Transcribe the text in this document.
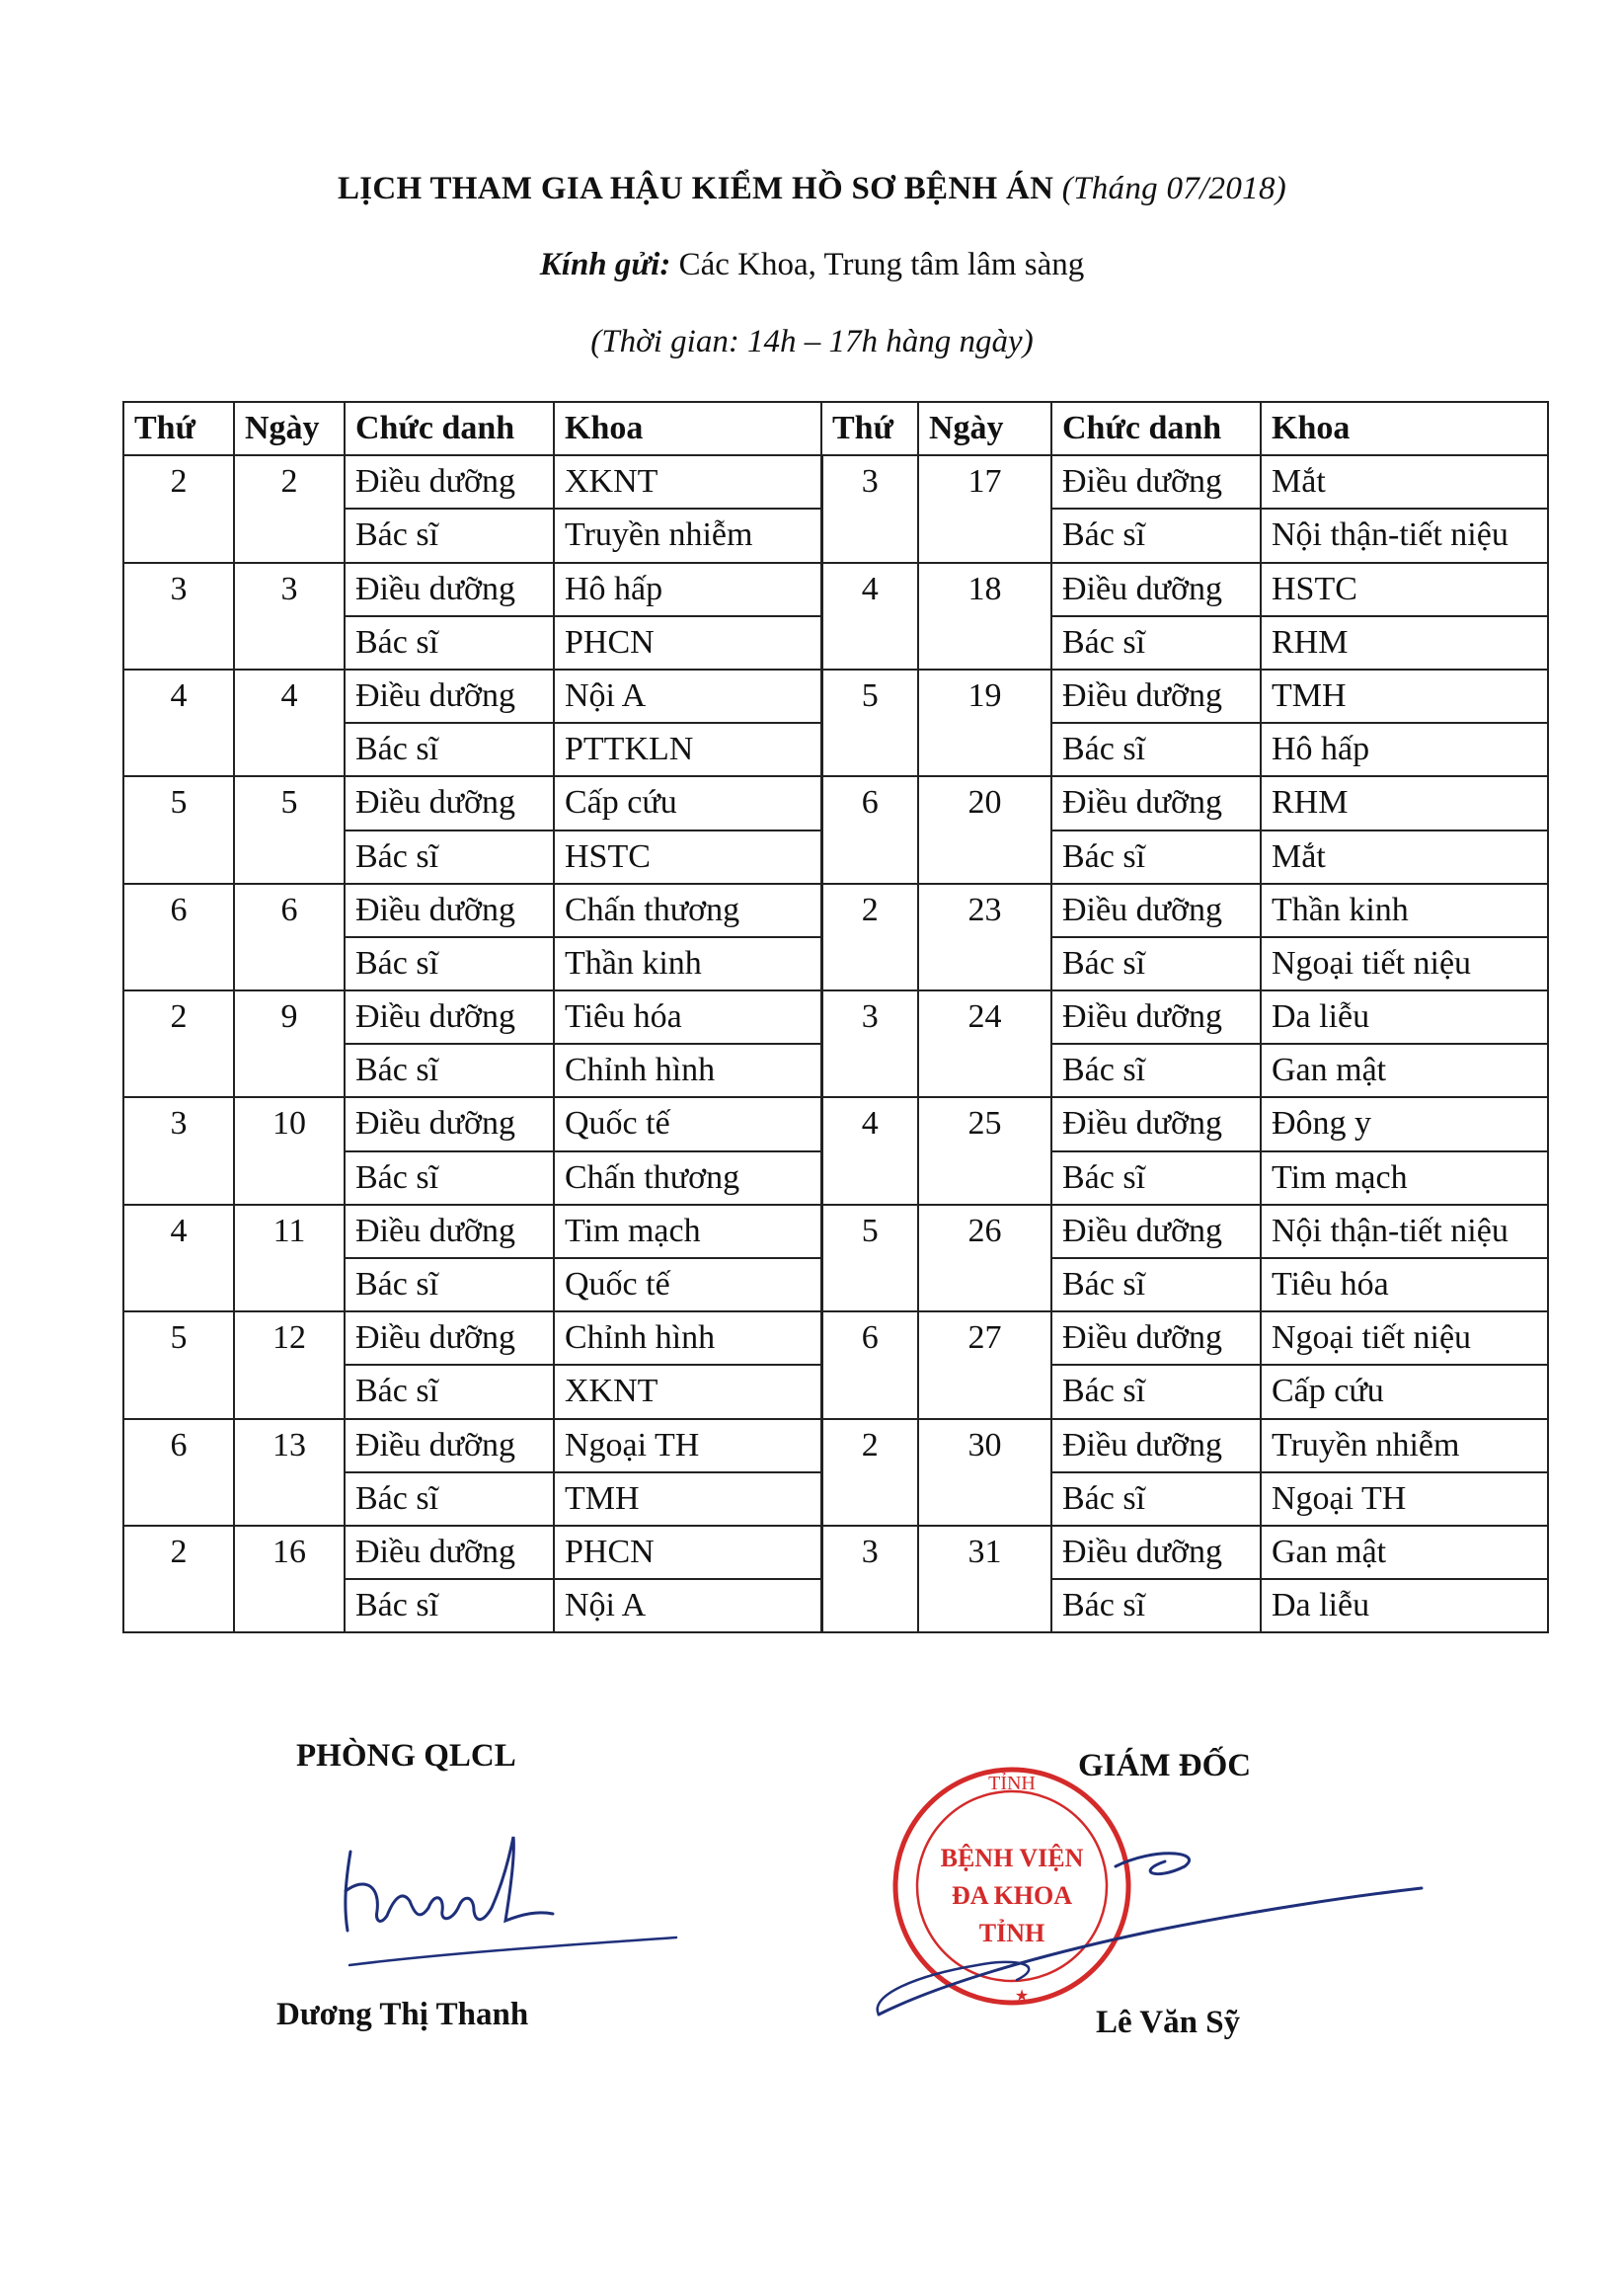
LỊCH THAM GIA HẬU KIỂM HỒ SƠ BỆNH ÁN (Tháng 07/2018)
Kính gửi: Các Khoa, Trung tâm lâm sàng
(Thời gian: 14h – 17h hàng ngày)
Thứ	Ngày	Chức danh	Khoa	Thứ	Ngày	Chức danh	Khoa
2	2	Điều dưỡng	XKNT	3	17	Điều dưỡng	Mắt
		Bác sĩ	Truyền nhiễm			Bác sĩ	Nội thận-tiết niệu
3	3	Điều dưỡng	Hô hấp	4	18	Điều dưỡng	HSTC
		Bác sĩ	PHCN			Bác sĩ	RHM
4	4	Điều dưỡng	Nội A	5	19	Điều dưỡng	TMH
		Bác sĩ	PTTKLN			Bác sĩ	Hô hấp
5	5	Điều dưỡng	Cấp cứu	6	20	Điều dưỡng	RHM
		Bác sĩ	HSTC			Bác sĩ	Mắt
6	6	Điều dưỡng	Chấn thương	2	23	Điều dưỡng	Thần kinh
		Bác sĩ	Thần kinh			Bác sĩ	Ngoại tiết niệu
2	9	Điều dưỡng	Tiêu hóa	3	24	Điều dưỡng	Da liễu
		Bác sĩ	Chỉnh hình			Bác sĩ	Gan mật
3	10	Điều dưỡng	Quốc tế	4	25	Điều dưỡng	Đông y
		Bác sĩ	Chấn thương			Bác sĩ	Tim mạch
4	11	Điều dưỡng	Tim mạch	5	26	Điều dưỡng	Nội thận-tiết niệu
		Bác sĩ	Quốc tế			Bác sĩ	Tiêu hóa
5	12	Điều dưỡng	Chỉnh hình	6	27	Điều dưỡng	Ngoại tiết niệu
		Bác sĩ	XKNT			Bác sĩ	Cấp cứu
6	13	Điều dưỡng	Ngoại TH	2	30	Điều dưỡng	Truyền nhiễm
		Bác sĩ	TMH			Bác sĩ	Ngoại TH
2	16	Điều dưỡng	PHCN	3	31	Điều dưỡng	Gan mật
		Bác sĩ	Nội A			Bác sĩ	Da liễu
PHÒNG QLCL	GIÁM ĐỐC
TỈNH
BỆNH VIỆN
ĐA KHOA
TỈNH
★
Dương Thị Thanh	Lê Văn Sỹ
